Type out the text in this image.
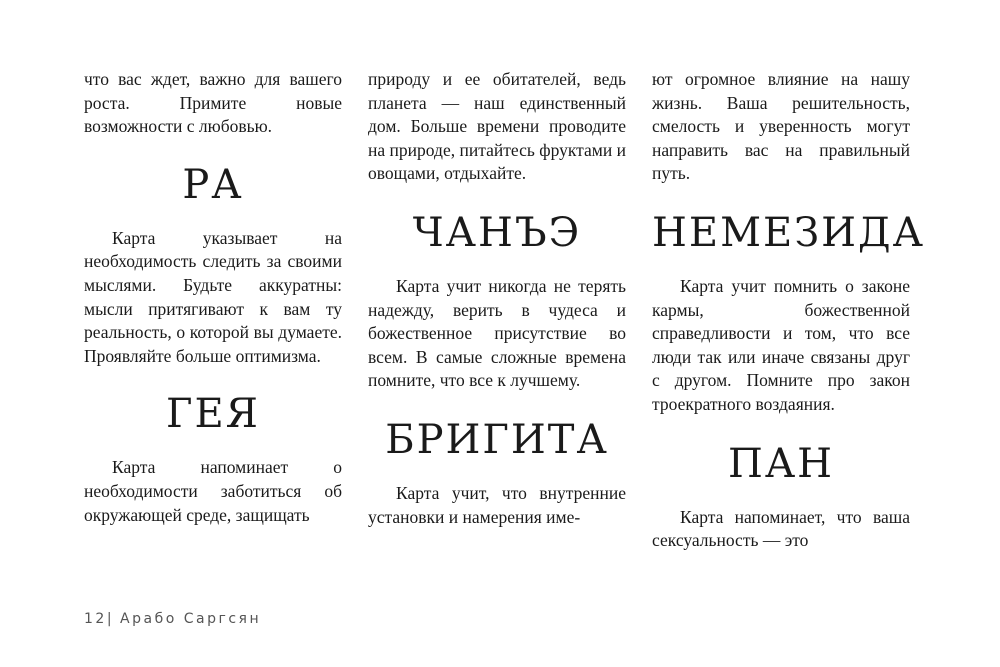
что вас ждет, важно для вашего роста. Примите новые возможности с любовью.

РА

Карта указывает на необходимость следить за своими мыслями. Будьте аккуратны: мысли притягивают к вам ту реальность, о которой вы думаете. Проявляйте больше оптимизма.

ГЕЯ

Карта напоминает о необходимости заботиться об окружающей среде, защищать

природу и ее обитателей, ведь планета — наш единственный дом. Больше времени проводите на природе, питайтесь фруктами и овощами, отдыхайте.

ЧАНЪЭ

Карта учит никогда не терять надежду, верить в чудеса и божественное присутствие во всем. В самые сложные времена помните, что все к лучшему.

БРИГИТА

Карта учит, что внутренние установки и намерения име-

ют огромное влияние на нашу жизнь. Ваша решительность, смелость и уверенность могут направить вас на правильный путь.

НЕМЕЗИДА

Карта учит помнить о законе кармы, божественной справедливости и том, что все люди так или иначе связаны друг с другом. Помните про закон троекратного воздаяния.

ПАН

Карта напоминает, что ваша сексуальность — это

12| Арабо Саргсян
